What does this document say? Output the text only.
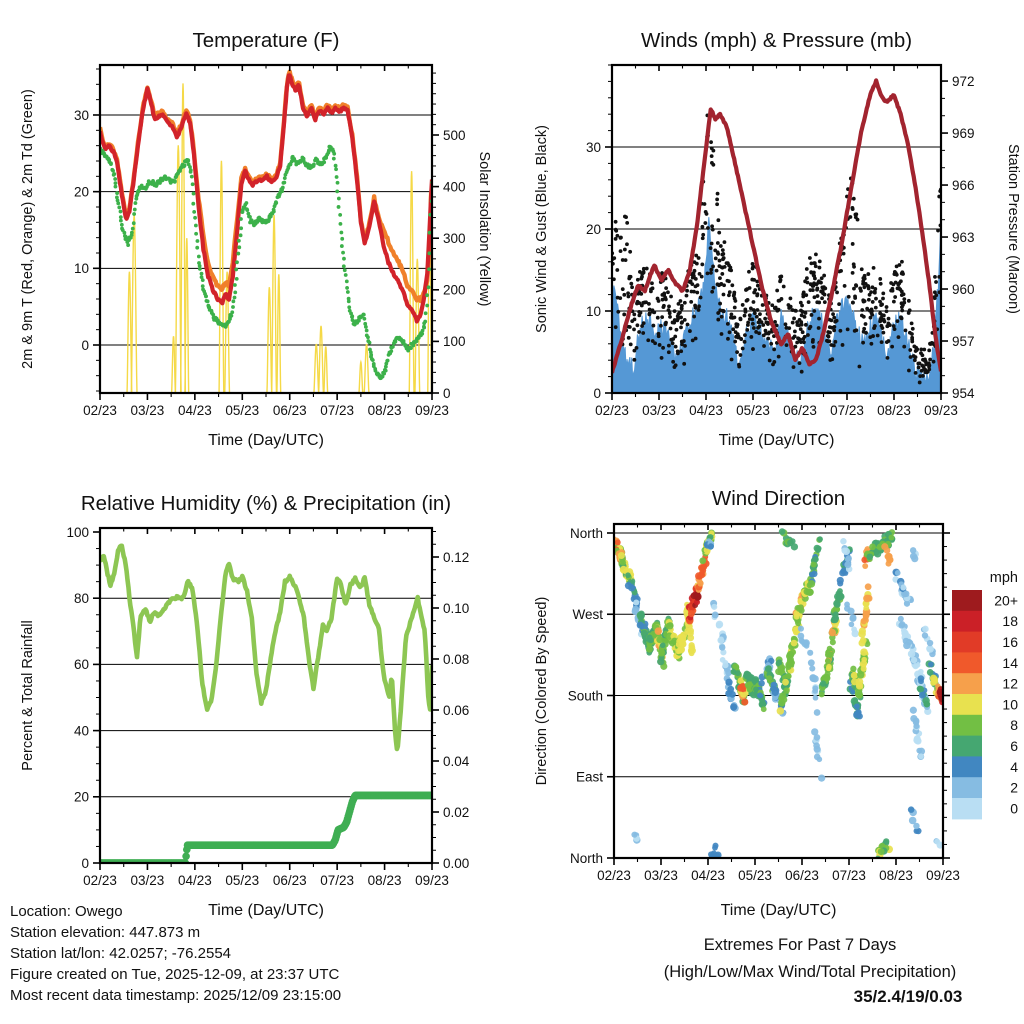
Temperature (F)
Time (Day/UTC)
2m & 9m T (Red, Orange) & 2m Td (Green)	Solar Insolation (Yellow)
02/23 03/23 04/23 05/23 06/23 07/23 08/23 09/23
0
10
20
30
0
100
200
300
400
500
Winds (mph) & Pressure (mb)
Time (Day/UTC)
Sonic Wind & Gust (Blue, Black)	Station Pressure (Maroon)
02/23 03/23 04/23 05/23 06/23 07/23 08/23 09/23
0
10
20
30
954
957
960
963
966
969
972
Relative Humidity (%) & Precipitation (in)
Time (Day/UTC)
Percent & Total Rainfall
02/23 03/23 04/23 05/23 06/23 07/23 08/23 09/23
0
20
40
60
80
100
0.00
0.02
0.04
0.06
0.08
0.10
0.12
Wind Direction
Time (Day/UTC)
Direction (Colored By Speed)
02/23 03/23 04/23 05/23 06/23 07/23 08/23 09/23
North
West
South
East
North
mph
20+
18
16
14
12
10
8
6
4
2
0
Location: Owego
Station elevation: 447.873 m
Station lat/lon: 42.0257; -76.2554
Figure created on Tue, 2025-12-09, at 23:37 UTC
Most recent data timestamp: 2025/12/09 23:15:00
Extremes For Past 7 Days
(High/Low/Max Wind/Total Precipitation)
35/2.4/19/0.03
